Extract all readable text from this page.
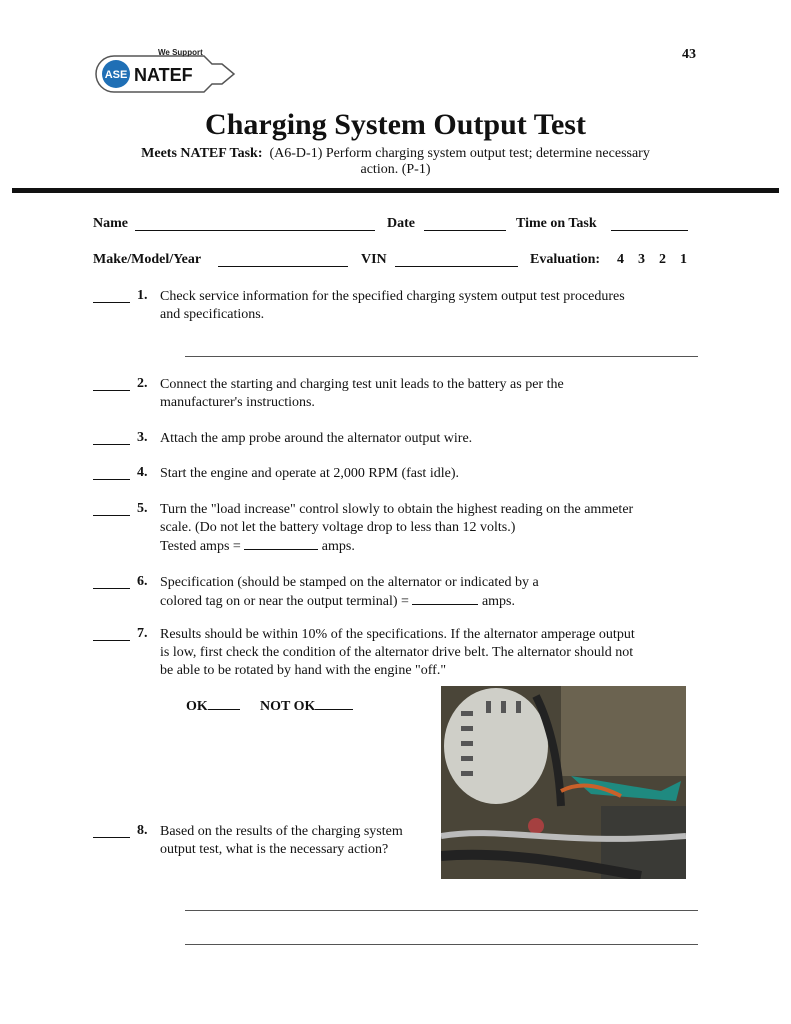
43
ASE
We Support
NATEF
Charging System Output Test
Meets NATEF Task: (A6-D-1) Perform charging system output test; determine necessary
action. (P-1)
Name	Date	Time on Task
Make/Model/Year	VIN	Evaluation: 4 3 2 1
1. Check service information for the specified charging system output test procedures
and specifications.
2. Connect the starting and charging test unit leads to the battery as per the
manufacturer's instructions.
3. Attach the amp probe around the alternator output wire.
4. Start the engine and operate at 2,000 RPM (fast idle).
5. Turn the "load increase" control slowly to obtain the highest reading on the ammeter
scale. (Do not let the battery voltage drop to less than 12 volts.)
Tested amps =	amps.
6. Specification (should be stamped on the alternator or indicated by a
colored tag on or near the output terminal) =	amps.
7. Results should be within 10% of the specifications. If the alternator amperage output
is low, first check the condition of the alternator drive belt. The alternator should not
be able to be rotated by hand with the engine "off."
OK	NOT OK
8. Based on the results of the charging system
output test, what is the necessary action?
